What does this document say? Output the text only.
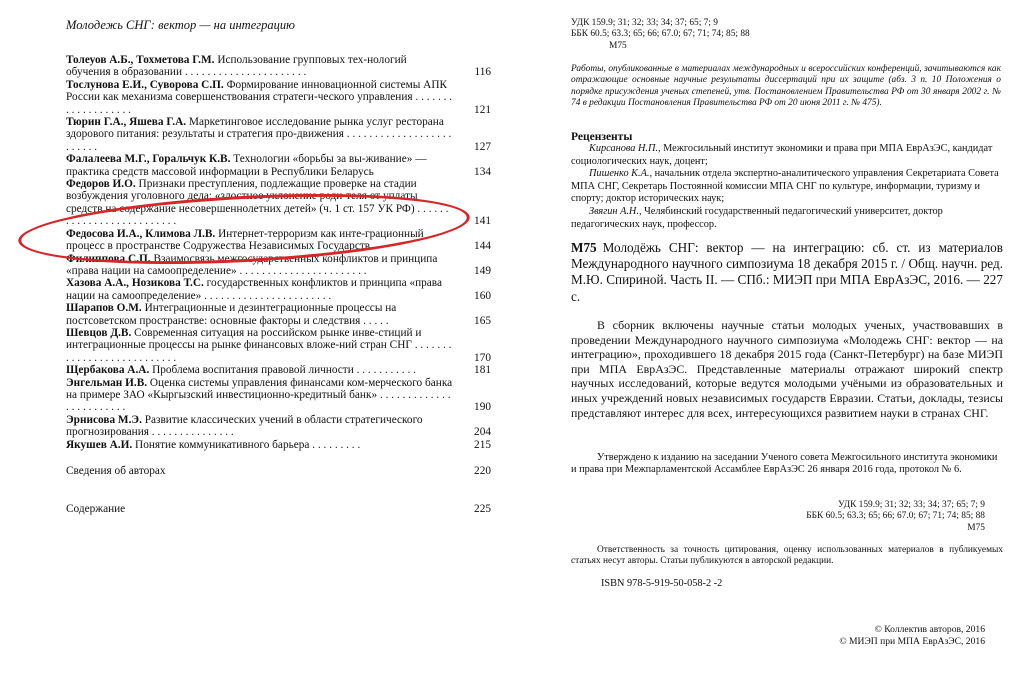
Молодежь СНГ: вектор — на интеграцию
Толеуов А.Б., Тохметова Г.М. Использование групповых тех-нологий обучения в образовании . . . . . . . . . . . . . . . . . . . . . .	116
Тослунова Е.И., Суворова С.П. Формирование инновационной системы АПК России как механизма совершенствования стратеги-ческого управления . . . . . . . . . . . . . . . . . . .	121
Тюрин Г.А., Яшева Г.А. Маркетинговое исследование рынка услуг ресторана здорового питания: результаты и стратегия про-движения . . . . . . . . . . . . . . . . . . . . . . . . .	127
Фалалеева М.Г., Горальчук К.В. Технологии «борьбы за вы-живание» — практика средств массовой информации в Республики Беларусь	134
Федоров И.О. Признаки преступления, подлежащие проверке на стадии возбуждения уголовного дела: «злостное уклонение роди-теля от уплаты средств на содержание несовершеннолетних детей» (ч. 1 ст. 157 УК РФ) . . . . . . . . . . . . . . . . . . . . . . . . . .	141
Федосова И.А., Климова Л.В. Интернет-терроризм как инте-грационный процесс в пространстве Содружества Независимых Государств	144
Филиппова С.П. Взаимосвязь межгосударственных конфликтов и принципа «права нации на самоопределение» . . . . . . . . . . . . . . . . . . . . . . .	149
Хазова А.А., Нозикова Т.С. государственных конфликтов и принципа «права нации на самоопределение» . . . . . . . . . . . . . . . . . . . . . . .	160
Шарапов О.М. Интеграционные и дезинтеграционные процессы на постсоветском пространстве: основные факторы и следствия . . . . .	165
Шевцов Д.В. Современная ситуация на российском рынке инве-стиций и интеграционные процессы на рынке финансовых вложе-ний стран СНГ . . . . . . . . . . . . . . . . . . . . . . . . . . .	170
Щербакова А.А. Проблема воспитания правовой личности . . . . . . . . . . .	181
Энгельман И.В. Оценка системы управления финансами ком-мерческого банка на примере ЗАО «Кыргызский инвестиционно-кредитный банк» . . . . . . . . . . . . . . . . . . . . . . . .	190
Эрнисова М.Э. Развитие классических учений в области стратегического прогнозирования . . . . . . . . . . . . . . .	204
Якушев А.И. Понятие коммуникативного барьера . . . . . . . . .	215
Сведения об авторах	220
Содержание	225
УДК 159.9; 31; 32; 33; 34; 37; 65; 7; 9
ББК 60.5; 63.3; 65; 66; 67.0; 67; 71; 74; 85; 88
М75
Работы, опубликованные в материалах международных и всероссийских конференций, зачитываются как отражающие основные научные результаты диссертаций при их защите (абз. 3 п. 10 Положения о порядке присуждения ученых степеней, утв. Постановлением Правительства РФ от 30 января 2002 г. № 74 в редакции Постановления Правительства РФ от 20 июня 2011 г. № 475).
Рецензенты

Кирсанова Н.П., Межгосильный институт экономики и права при МПА ЕврАзЭС, кандидат социологических наук, доцент;

Пишенко К.А., начальник отдела экспертно-аналитического управления Секретариата Совета МПА СНГ, Секретарь Постоянной комиссии МПА СНГ по культуре, информации, туризму и спорту; доктор исторических наук;

Звягин А.Н., Челябинский государственный педагогический университет, доктор педагогических наук, профессор.

М75 Молодёжь СНГ: вектор — на интеграцию: сб. ст. из материалов Международного научного симпозиума 18 декабря 2015 г. / Общ. научн. ред. М.Ю. Спириной. Часть II. — СПб.: МИЭП при МПА ЕврАзЭС, 2016. — 227 с.
В сборник включены научные статьи молодых ученых, участвовавших в проведении Международного научного симпозиума «Молодежь СНГ: вектор — на интеграцию», проходившего 18 декабря 2015 года (Санкт-Петербург) на базе МИЭП при МПА ЕврАзЭС. Представленные материалы отражают широкий спектр научных исследований, которые ведутся молодыми учёными из образовательных и иных учреждений новых независимых государств Евразии. Статьи, доклады, тезисы представляют интерес для всех, интересующихся развитием науки в странах СНГ.
Утверждено к изданию на заседании Ученого совета Межгосильного института экономики и права при Межпарламентской Ассамблее ЕврАзЭС 26 января 2016 года, протокол № 6.
УДК 159.9; 31; 32; 33; 34; 37; 65; 7; 9
ББК 60.5; 63.3; 65; 66; 67.0; 67; 71; 74; 85; 88
М75
Ответственность за точность цитирования, оценку использованных материалов в публикуемых статьях несут авторы. Статьи публикуются в авторской редакции.
ISBN 978-5-919-50-058-2 -2
© Коллектив авторов, 2016
© МИЭП при МПА ЕврАзЭС, 2016
